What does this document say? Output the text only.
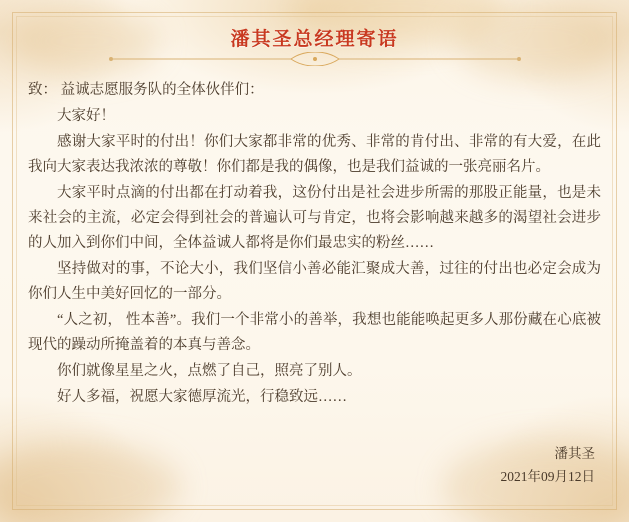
潘其圣总经理寄语

致： 益诚志愿服务队的全体伙伴们：

大家好！

感谢大家平时的付出！你们大家都非常的优秀、非常的肯付出、非常的有大爱，在此我向大家表达我浓浓的尊敬！你们都是我的偶像，也是我们益诚的一张亮丽名片。

大家平时点滴的付出都在打动着我，这份付出是社会进步所需的那股正能量，也是未来社会的主流，必定会得到社会的普遍认可与肯定，也将会影响越来越多的渴望社会进步的人加入到你们中间，全体益诚人都将是你们最忠实的粉丝……

坚持做对的事，不论大小，我们坚信小善必能汇聚成大善，过往的付出也必定会成为你们人生中美好回忆的一部分。

“人之初， 性本善”。我们一个非常小的善举，我想也能能唤起更多人那份藏在心底被现代的躁动所掩盖着的本真与善念。

你们就像星星之火，点燃了自己，照亮了别人。

好人多福，祝愿大家德厚流光，行稳致远……

潘其圣
2021年09月12日
